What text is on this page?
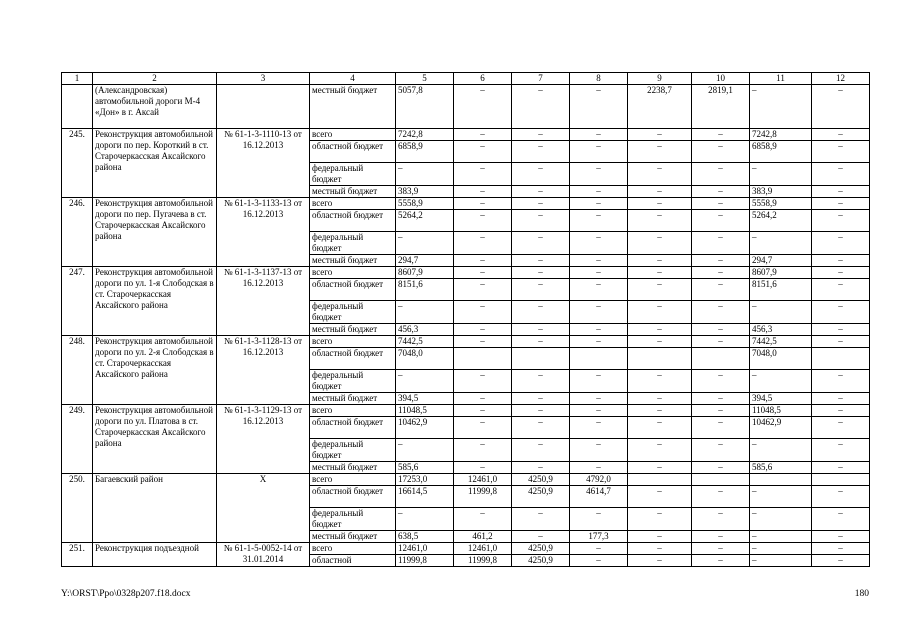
1	2	3	4	5	6	7	8	9	10	11	12
	(Александровская) автомобильной дороги М-4 «Дон» в г. Аксай		местный бюджет	5057,8	–	–	–	2238,7	2819,1	–	–
245.	Реконструкция автомобильной дороги по пер. Короткий в ст. Старочеркасская Аксайского района	№ 61-1-3-1110-13 от 16.12.2013	всего	7242,8	–	–	–	–	–	7242,8	–
			областной бюджет	6858,9	–	–	–	–	–	6858,9	–
			федеральный бюджет	–	–	–	–	–	–	–	–
			местный бюджет	383,9	–	–	–	–	–	383,9	–
246.	Реконструкция автомобильной дороги по пер. Пугачева в ст. Старочеркасская Аксайского района	№ 61-1-3-1133-13 от 16.12.2013	всего	5558,9	–	–	–	–	–	5558,9	–
			областной бюджет	5264,2	–	–	–	–	–	5264,2	–
			федеральный бюджет	–	–	–	–	–	–	–	–
			местный бюджет	294,7	–	–	–	–	–	294,7	–
247.	Реконструкция автомобильной дороги по ул. 1-я Слободская в ст. Старочеркасская Аксайского района	№ 61-1-3-1137-13 от 16.12.2013	всего	8607,9	–	–	–	–	–	8607,9	–
			областной бюджет	8151,6	–	–	–	–	–	8151,6	–
			федеральный бюджет	–	–	–	–	–	–	–	–
			местный бюджет	456,3	–	–	–	–	–	456,3	–
248.	Реконструкция автомобильной дороги по ул. 2-я Слободская в ст. Старочеркасская Аксайского района	№ 61-1-3-1128-13 от 16.12.2013	всего	7442,5	–	–	–	–	–	7442,5	–
			областной бюджет	7048,0						7048,0	
			федеральный бюджет	–	–	–	–	–	–	–	–
			местный бюджет	394,5	–	–	–	–	–	394,5	–
249.	Реконструкция автомобильной дороги по ул. Платова в ст. Старочеркасская Аксайского района	№ 61-1-3-1129-13 от 16.12.2013	всего	11048,5	–	–	–	–	–	11048,5	–
			областной бюджет	10462,9	–	–	–	–	–	10462,9	–
			федеральный бюджет	–	–	–	–	–	–	–	–
			местный бюджет	585,6	–	–	–	–	–	585,6	–
250.	Багаевский район	Х	всего	17253,0	12461,0	4250,9	4792,0				
			областной бюджет	16614,5	11999,8	4250,9	4614,7	–	–	–	–
			федеральный бюджет	–	–	–	–	–	–	–	–
			местный бюджет	638,5	461,2	–	177,3	–	–	–	–
251.	Реконструкция подъездной	№ 61-1-5-0052-14 от 31.01.2014	всего	12461,0	12461,0	4250,9	–	–	–	–	–
			областной	11999,8	11999,8	4250,9	–	–	–	–	–
Y:\ORST\Ppo\0328p207.f18.docx	180
